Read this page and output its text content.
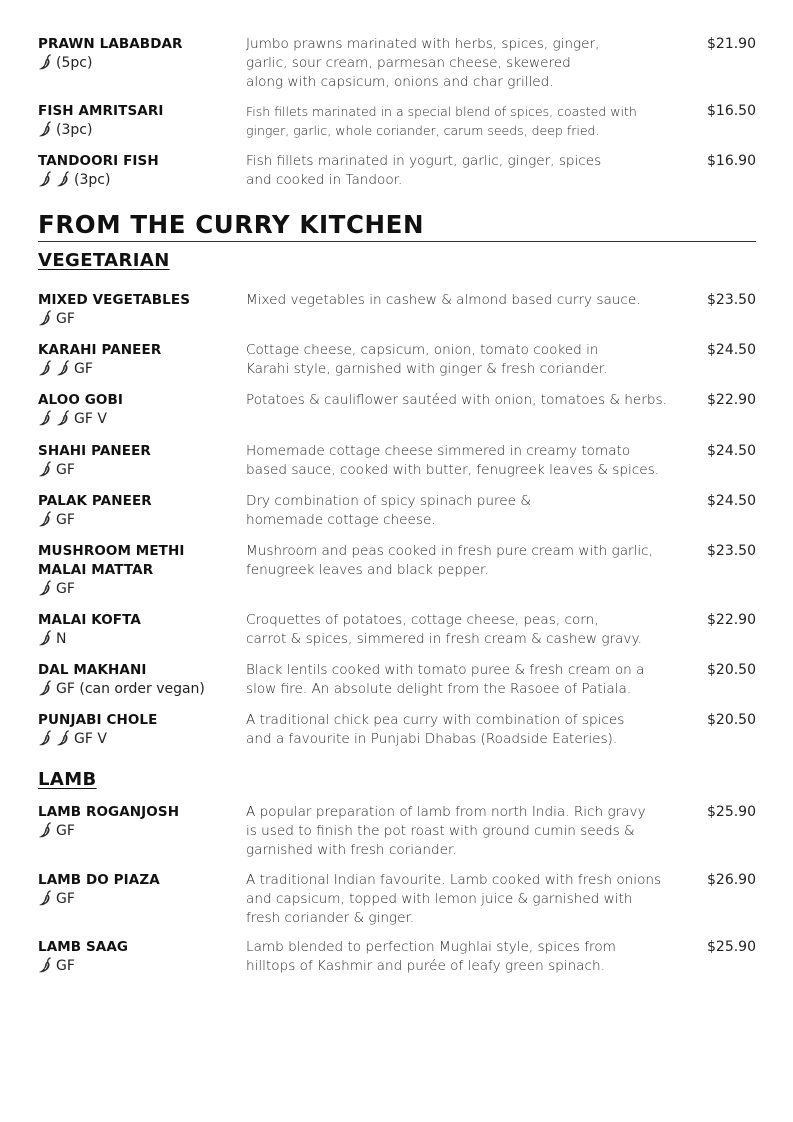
PRAWN LABABDAR
(5pc)
Jumbo prawns marinated with herbs, spices, ginger,
garlic, sour cream, parmesan cheese, skewered
along with capsicum, onions and char grilled.
$21.90
FISH AMRITSARI
(3pc)
Fish fillets marinated in a special blend of spices, coasted with
ginger, garlic, whole coriander, carum seeds, deep fried.
$16.50
TANDOORI FISH
(3pc)
Fish fillets marinated in yogurt, garlic, ginger, spices
and cooked in Tandoor.
$16.90
FROM THE CURRY KITCHEN
VEGETARIAN
MIXED VEGETABLES
GF
Mixed vegetables in cashew & almond based curry sauce.	$23.50
KARAHI PANEER
GF
Cottage cheese, capsicum, onion, tomato cooked in
Karahi style, garnished with ginger & fresh coriander.
$24.50
ALOO GOBI
GF V
Potatoes & cauliflower sautéed with onion, tomatoes & herbs.	$22.90
SHAHI PANEER
GF
Homemade cottage cheese simmered in creamy tomato
based sauce, cooked with butter, fenugreek leaves & spices.
$24.50
PALAK PANEER
GF
Dry combination of spicy spinach puree &
homemade cottage cheese.
$24.50
MUSHROOM METHI
MALAI MATTAR
GF
Mushroom and peas cooked in fresh pure cream with garlic,
fenugreek leaves and black pepper.
$23.50
MALAI KOFTA
N
Croquettes of potatoes, cottage cheese, peas, corn,
carrot & spices, simmered in fresh cream & cashew gravy.
$22.90
DAL MAKHANI
GF (can order vegan)
Black lentils cooked with tomato puree & fresh cream on a
slow fire. An absolute delight from the Rasoee of Patiala.
$20.50
PUNJABI CHOLE
GF V
A traditional chick pea curry with combination of spices
and a favourite in Punjabi Dhabas (Roadside Eateries).
$20.50
LAMB
LAMB ROGANJOSH
GF
A popular preparation of lamb from north India. Rich gravy
is used to finish the pot roast with ground cumin seeds &
garnished with fresh coriander.
$25.90
LAMB DO PIAZA
GF
A traditional Indian favourite. Lamb cooked with fresh onions
and capsicum, topped with lemon juice & garnished with
fresh coriander & ginger.
$26.90
LAMB SAAG
GF
Lamb blended to perfection Mughlai style, spices from
hilltops of Kashmir and purée of leafy green spinach.
$25.90
